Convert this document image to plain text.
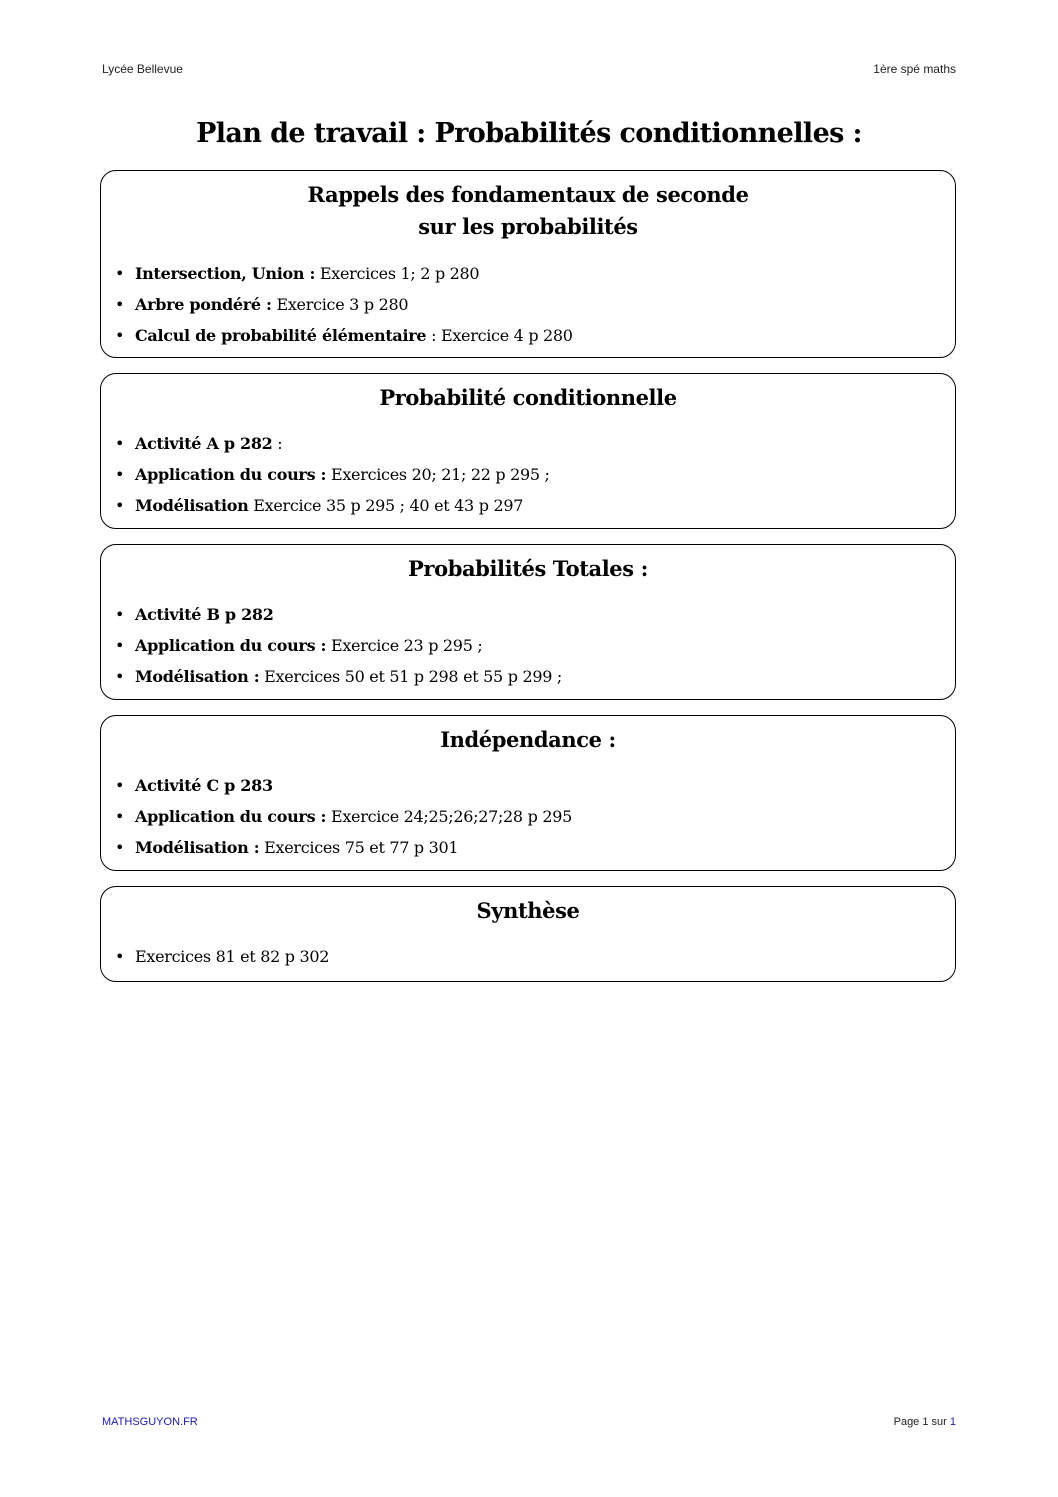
Lycée Bellevue	1ère spé maths
Plan de travail : Probabilités conditionnelles :
Rappels des fondamentaux de seconde
sur les probabilités
• Intersection, Union : Exercices 1; 2 p 280
• Arbre pondéré : Exercice 3 p 280
• Calcul de probabilité élémentaire : Exercice 4 p 280
Probabilité conditionnelle
• Activité A p 282 :
• Application du cours : Exercices 20; 21; 22 p 295 ;
• Modélisation Exercice 35 p 295 ; 40 et 43 p 297
Probabilités Totales :
• Activité B p 282
• Application du cours : Exercice 23 p 295 ;
• Modélisation : Exercices 50 et 51 p 298 et 55 p 299 ;
Indépendance :
• Activité C p 283
• Application du cours : Exercice 24;25;26;27;28 p 295
• Modélisation : Exercices 75 et 77 p 301
Synthèse
• Exercices 81 et 82 p 302
MATHSGUYON.FR	Page 1 sur 1
